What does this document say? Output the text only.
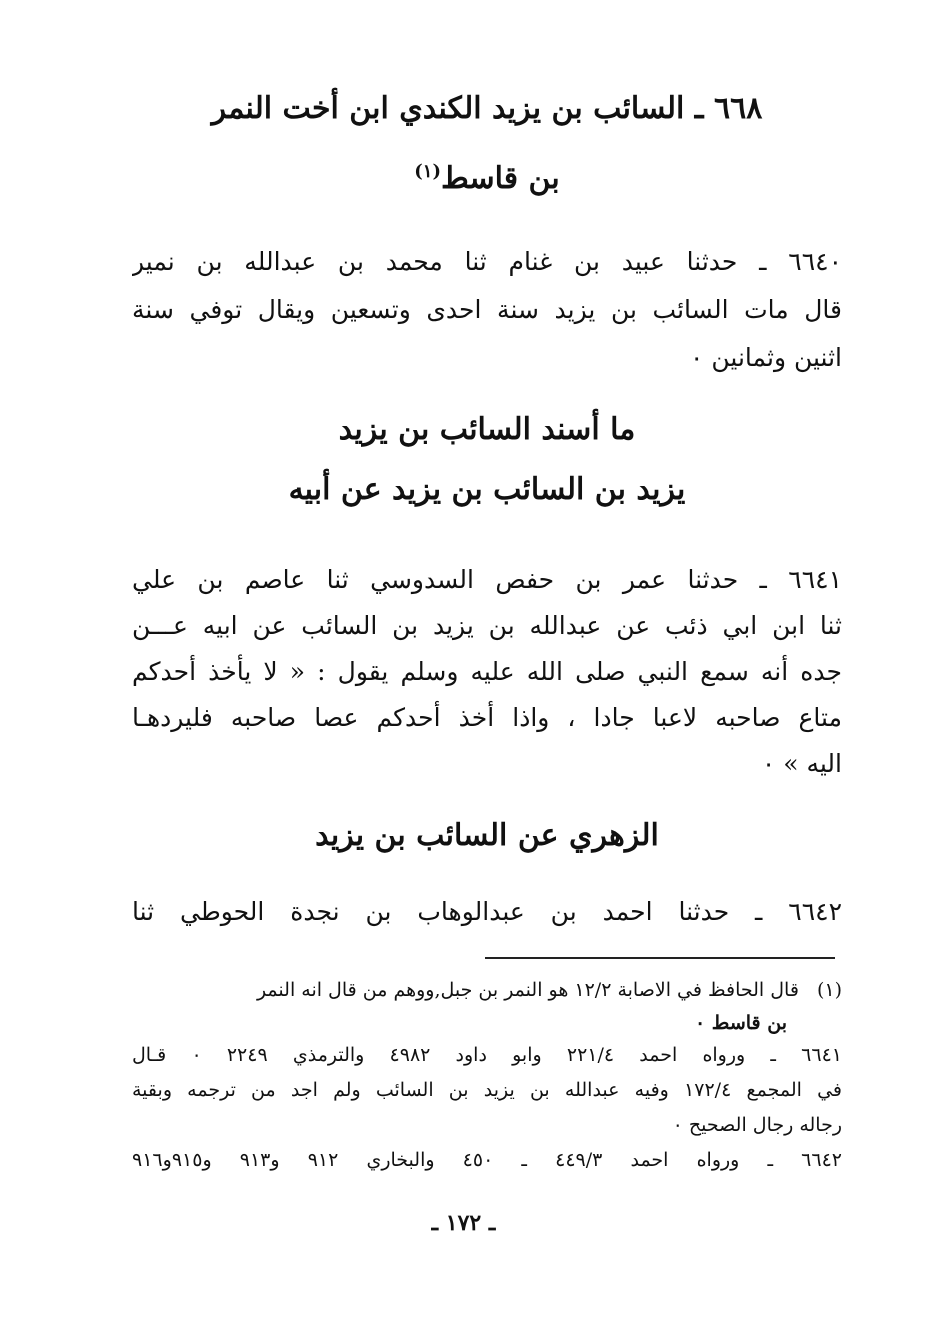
٦٦٨ ـ السائب بن يزيد الكندي ابن أخت النمر
بن قاسط$^{(١)}$
٦٦٤٠ ـ حدثنا عبيد بن غنام ثنا محمد بن عبدالله بن نمير
قال مات السائب بن يزيد سنة احدى وتسعين ويقال توفي سنة
اثنين وثمانين ٠
ما أسند السائب بن يزيد
يزيد بن السائب بن يزيد عن أبيه
٦٦٤١ ـ حدثنا عمر بن حفص السدوسي ثنا عاصم بن علي
ثنا ابن ابي ذئب عن عبدالله بن يزيد بن السائب عن ابيه عـــن
جده أنه سمع النبي صلى الله عليه وسلم يقول : « لا يأخذ أحدكم
متاع صاحبه لاعبا جادا ، واذا أخذ أحدكم عصا صاحبه فليردهـا
اليه » ٠
الزهري عن السائب بن يزيد
٦٦٤٢ ـ حدثنا احمد بن عبدالوهاب بن نجدة الحوطي ثنا
(١)قال الحافظ في الاصابة ١٢/٢ هو النمر بن جبل,ووهم من قال انه النمر
بن قاسط ٠
٦٦٤١ ـ ورواه احمد ٢٢١/٤ وابو داود ٤٩٨٢ والترمذي ٢٢٤٩ ٠ قـال
في المجمع ١٧٢/٤ وفيه عبدالله بن يزيد بن السائب ولم اجد من ترجمه وبقية
رجاله رجال الصحيح ٠
٦٦٤٢ ـ ورواه احمد ٤٤٩/٣ ـ ٤٥٠ والبخاري ٩١٢ و٩١٣ و٩١٥و٩١٦
ـ ١٧٢ ـ
